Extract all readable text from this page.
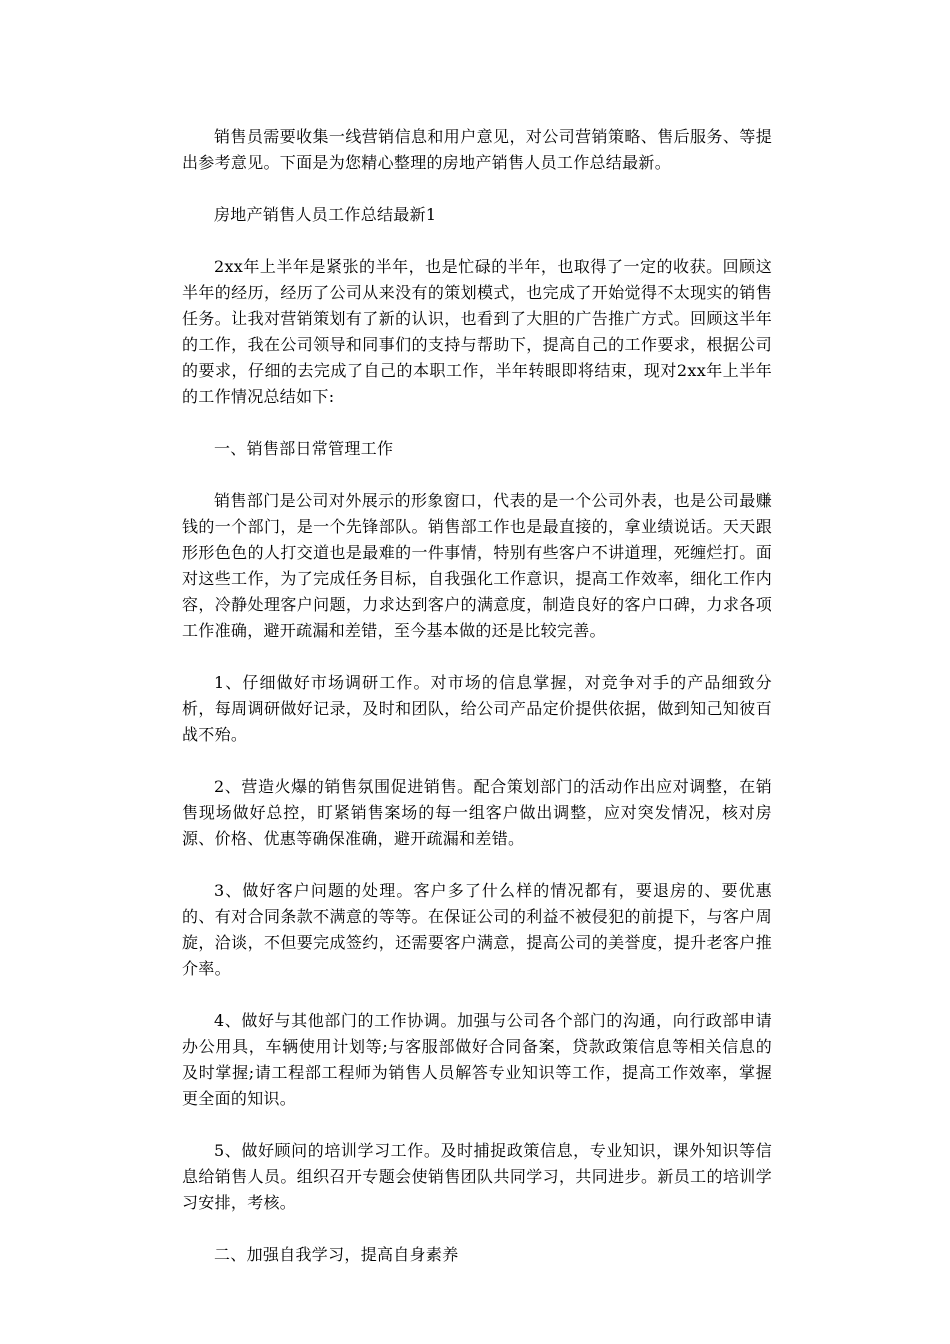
销售员需要收集一线营销信息和用户意见，对公司营销策略、售后服务、等提出参考意见。下面是为您精心整理的房地产销售人员工作总结最新。

房地产销售人员工作总结最新1

2xx年上半年是紧张的半年，也是忙碌的半年，也取得了一定的收获。回顾这半年的经历，经历了公司从来没有的策划模式，也完成了开始觉得不太现实的销售任务。让我对营销策划有了新的认识，也看到了大胆的广告推广方式。回顾这半年的工作，我在公司领导和同事们的支持与帮助下，提高自己的工作要求，根据公司的要求，仔细的去完成了自己的本职工作，半年转眼即将结束，现对2xx年上半年的工作情况总结如下:

一、销售部日常管理工作

销售部门是公司对外展示的形象窗口，代表的是一个公司外表，也是公司最赚钱的一个部门，是一个先锋部队。销售部工作也是最直接的，拿业绩说话。天天跟形形色色的人打交道也是最难的一件事情，特别有些客户不讲道理，死缠烂打。面对这些工作，为了完成任务目标，自我强化工作意识，提高工作效率，细化工作内容，冷静处理客户问题，力求达到客户的满意度，制造良好的客户口碑，力求各项工作准确，避开疏漏和差错，至今基本做的还是比较完善。

1、仔细做好市场调研工作。对市场的信息掌握，对竞争对手的产品细致分析，每周调研做好记录，及时和团队，给公司产品定价提供依据，做到知己知彼百战不殆。

2、营造火爆的销售氛围促进销售。配合策划部门的活动作出应对调整，在销售现场做好总控，盯紧销售案场的每一组客户做出调整，应对突发情况，核对房源、价格、优惠等确保准确，避开疏漏和差错。

3、做好客户问题的处理。客户多了什么样的情况都有，要退房的、要优惠的、有对合同条款不满意的等等。在保证公司的利益不被侵犯的前提下，与客户周旋，洽谈，不但要完成签约，还需要客户满意，提高公司的美誉度，提升老客户推介率。

4、做好与其他部门的工作协调。加强与公司各个部门的沟通，向行政部申请办公用具，车辆使用计划等;与客服部做好合同备案，贷款政策信息等相关信息的及时掌握;请工程部工程师为销售人员解答专业知识等工作，提高工作效率，掌握更全面的知识。

5、做好顾问的培训学习工作。及时捕捉政策信息，专业知识，课外知识等信息给销售人员。组织召开专题会使销售团队共同学习，共同进步。新员工的培训学习安排，考核。

二、加强自我学习，提高自身素养
